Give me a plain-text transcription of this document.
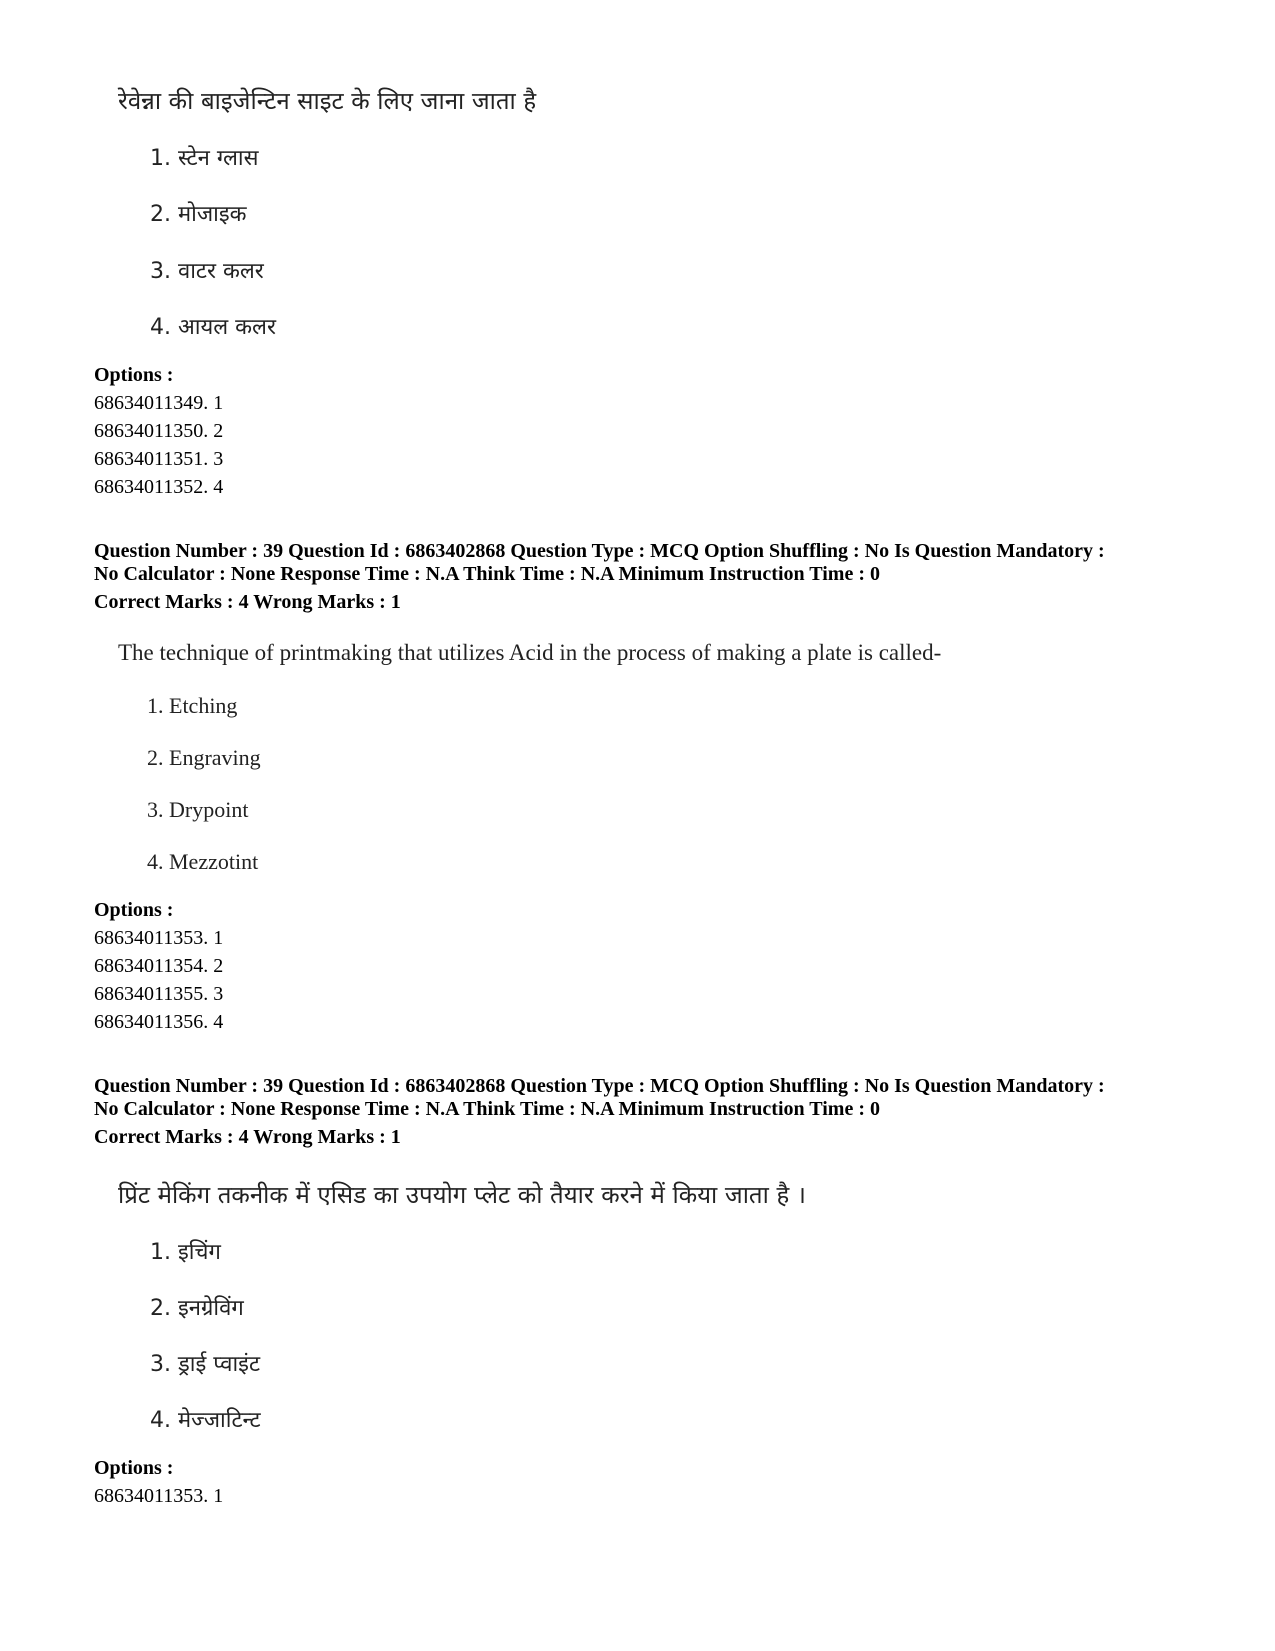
रेवेन्ना की बाइजेन्टिन साइट के लिए जाना जाता है
1. स्टेन ग्लास
2. मोजाइक
3. वाटर कलर
4. आयल कलर
Options :
68634011349. 1
68634011350. 2
68634011351. 3
68634011352. 4
Question Number : 39 Question Id : 6863402868 Question Type : MCQ Option Shuffling : No Is Question Mandatory :
No Calculator : None Response Time : N.A Think Time : N.A Minimum Instruction Time : 0
Correct Marks : 4 Wrong Marks : 1
The technique of printmaking that utilizes Acid in the process of making a plate is called-
1. Etching
2. Engraving
3. Drypoint
4. Mezzotint
Options :
68634011353. 1
68634011354. 2
68634011355. 3
68634011356. 4
Question Number : 39 Question Id : 6863402868 Question Type : MCQ Option Shuffling : No Is Question Mandatory :
No Calculator : None Response Time : N.A Think Time : N.A Minimum Instruction Time : 0
Correct Marks : 4 Wrong Marks : 1
प्रिंट मेकिंग तकनीक में एसिड का उपयोग प्लेट को तैयार करने में किया जाता है ।
1. इचिंग
2. इनग्रेविंग
3. ड्राई प्वाइंट
4. मेज्जाटिन्ट
Options :
68634011353. 1
